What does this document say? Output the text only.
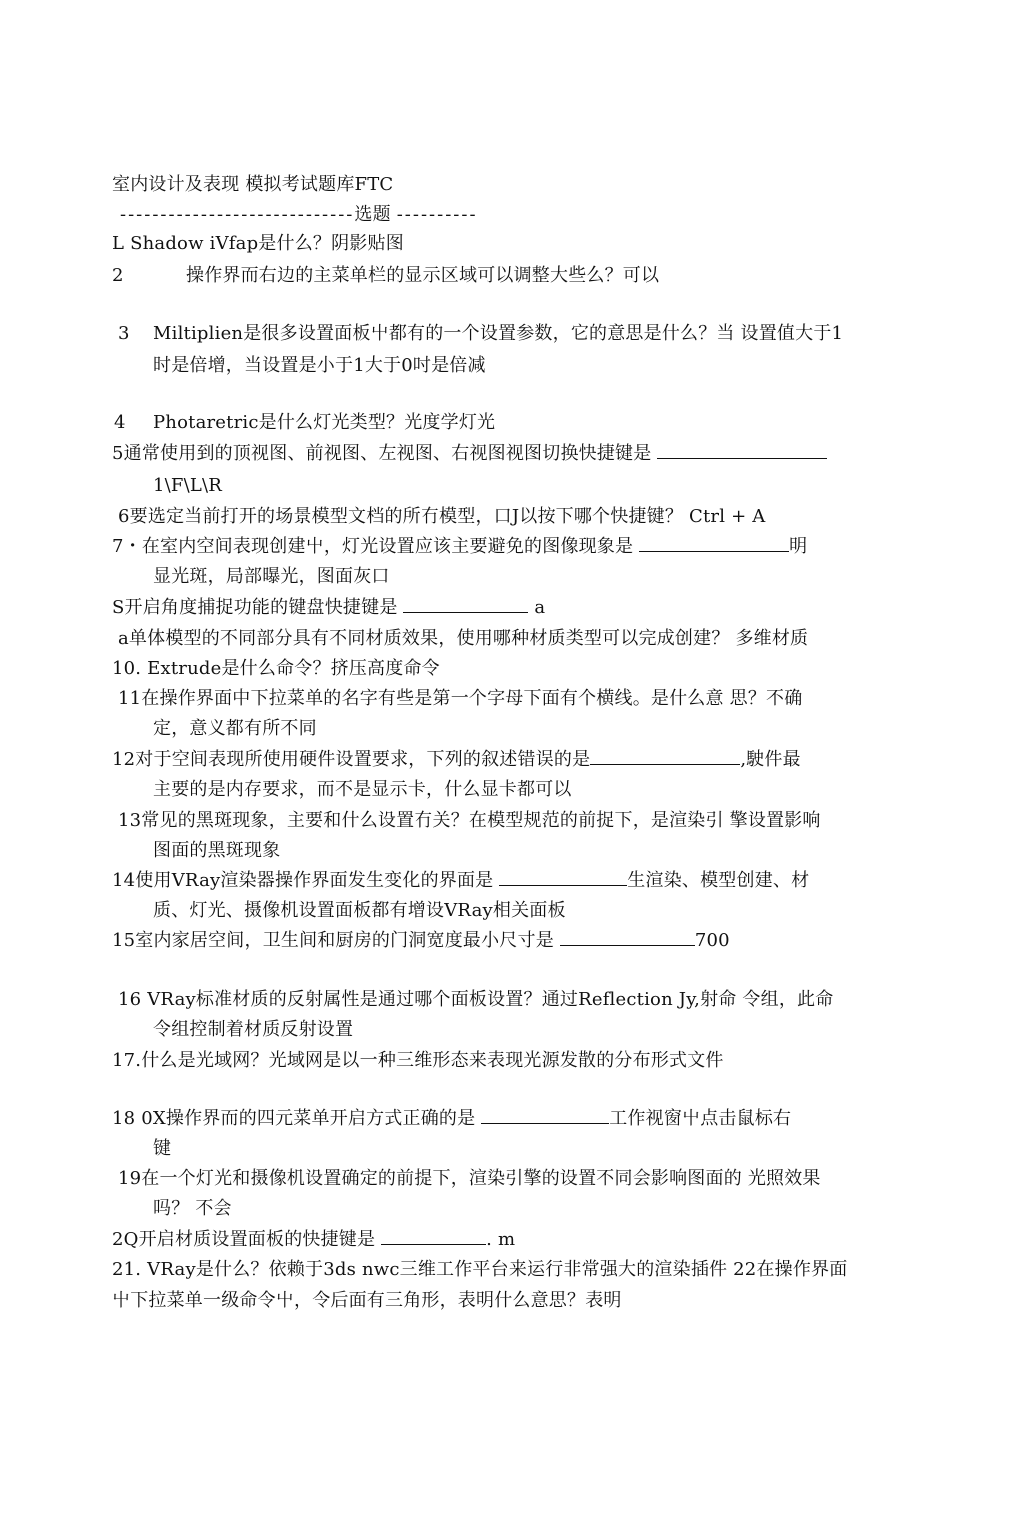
室内设计及表现 模拟考试题库FTC
-----------------------------选题 ----------
L Shadow iVfap是什么？阴影贴图
2	操作界而右边的主菜单栏的显示区域可以调整大些么？可以
3 Miltiplien是很多设置面板屮都有的一个设置参数，它的意思是什么？当 设置值大于1
时是倍增，当设置是小于1大于0吋是倍减
4 Photaretric是什么灯光类型？光度学灯光
5通常使用到的顶视图、前视图、左视图、右视图视图切换快捷键是
1\F\L\R
6要选定当前打开的场景模型文档的所冇模型，口J以按下哪个快捷键？ Ctrl + A
7・在室内空间表现创建屮，灯光设置应该主要避免的图像现象是	明
显光斑，局部曝光，图面灰口
S开启角度捕捉功能的键盘快捷键是	a
a单体模型的不同部分具有不同材质效果，使用哪种材质类型可以完成创建？ 多维材质
10. Extrude是什么命令？挤压高度命令
11在操作界面中下拉菜单的名字有些是第一个字母下面有个横线。是什么意 思？不确
定，意义都有所不同
12对于空间表现所使用硬件设置要求，下列的叙述错误的是	,駛件最
主要的是内存要求，而不是显示卡，什么显卡都可以
13常见的黑斑现象，主要和什么设置冇关？在模型规范的前捉下，是渲染引 擎设置影响
图面的黑斑现象
14使用VRay渲染器操作界面发生变化的界面是	生渲染、模型创建、材
质、灯光、摄像机设置面板都有增设VRay相关面板
15室内家居空间，卫生间和厨房的门洞宽度最小尺寸是	700
16 VRay标准材质的反射属性是通过哪个面板设置？通过Reflection Jy,射命 令组，此命
令组控制着材质反射设置
17.什么是光域网？光域网是以一种三维形态来表现光源发散的分布形式文件
18 0X操作界而的四元菜单开启方式正确的是	工作视窗屮点击鼠标右
键
19在一个灯光和摄像机设置确定的前提下，渲染引擎的设置不同会影响图面的 光照效果
吗？ 不会
2Q开启材质设置面板的快捷键是	. m
21. VRay是什么？依赖于3ds nwc三维工作平台来运行非常强大的渲染插件 22在操作界面
屮下拉菜单一级命令屮，令后面有三角形，表明什么意思？表明
